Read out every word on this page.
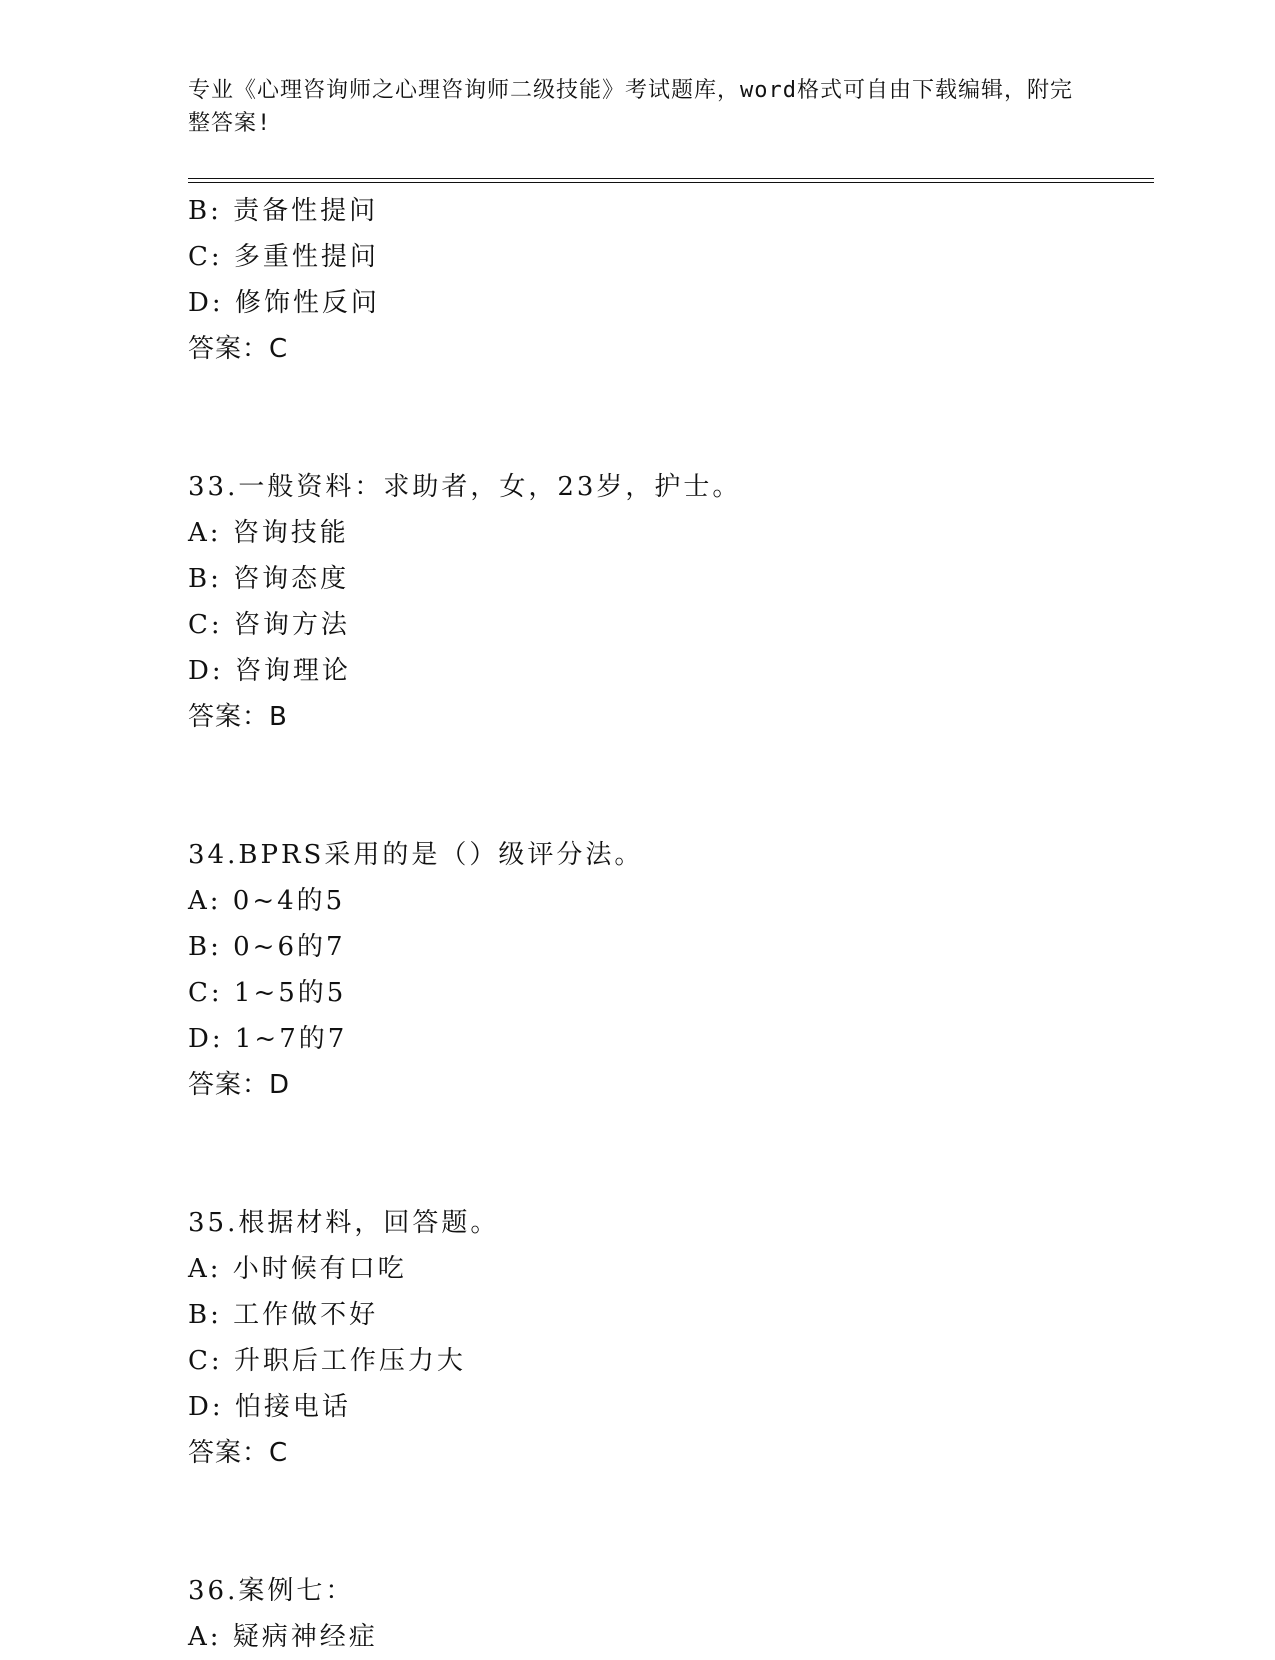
专业《心理咨询师之心理咨询师二级技能》考试题库，word格式可自由下载编辑，附完整答案!
B: 责备性提问
C: 多重性提问
D: 修饰性反问
答案：C
33.一般资料：求助者，女，23岁，护士。
A: 咨询技能
B: 咨询态度
C: 咨询方法
D: 咨询理论
答案：B
34.BPRS采用的是（）级评分法。
A: 0~4的5
B: 0~6的7
C: 1~5的5
D: 1~7的7
答案：D
35.根据材料，回答题。
A: 小时候有口吃
B: 工作做不好
C: 升职后工作压力大
D: 怕接电话
答案：C
36.案例七：
A: 疑病神经症
